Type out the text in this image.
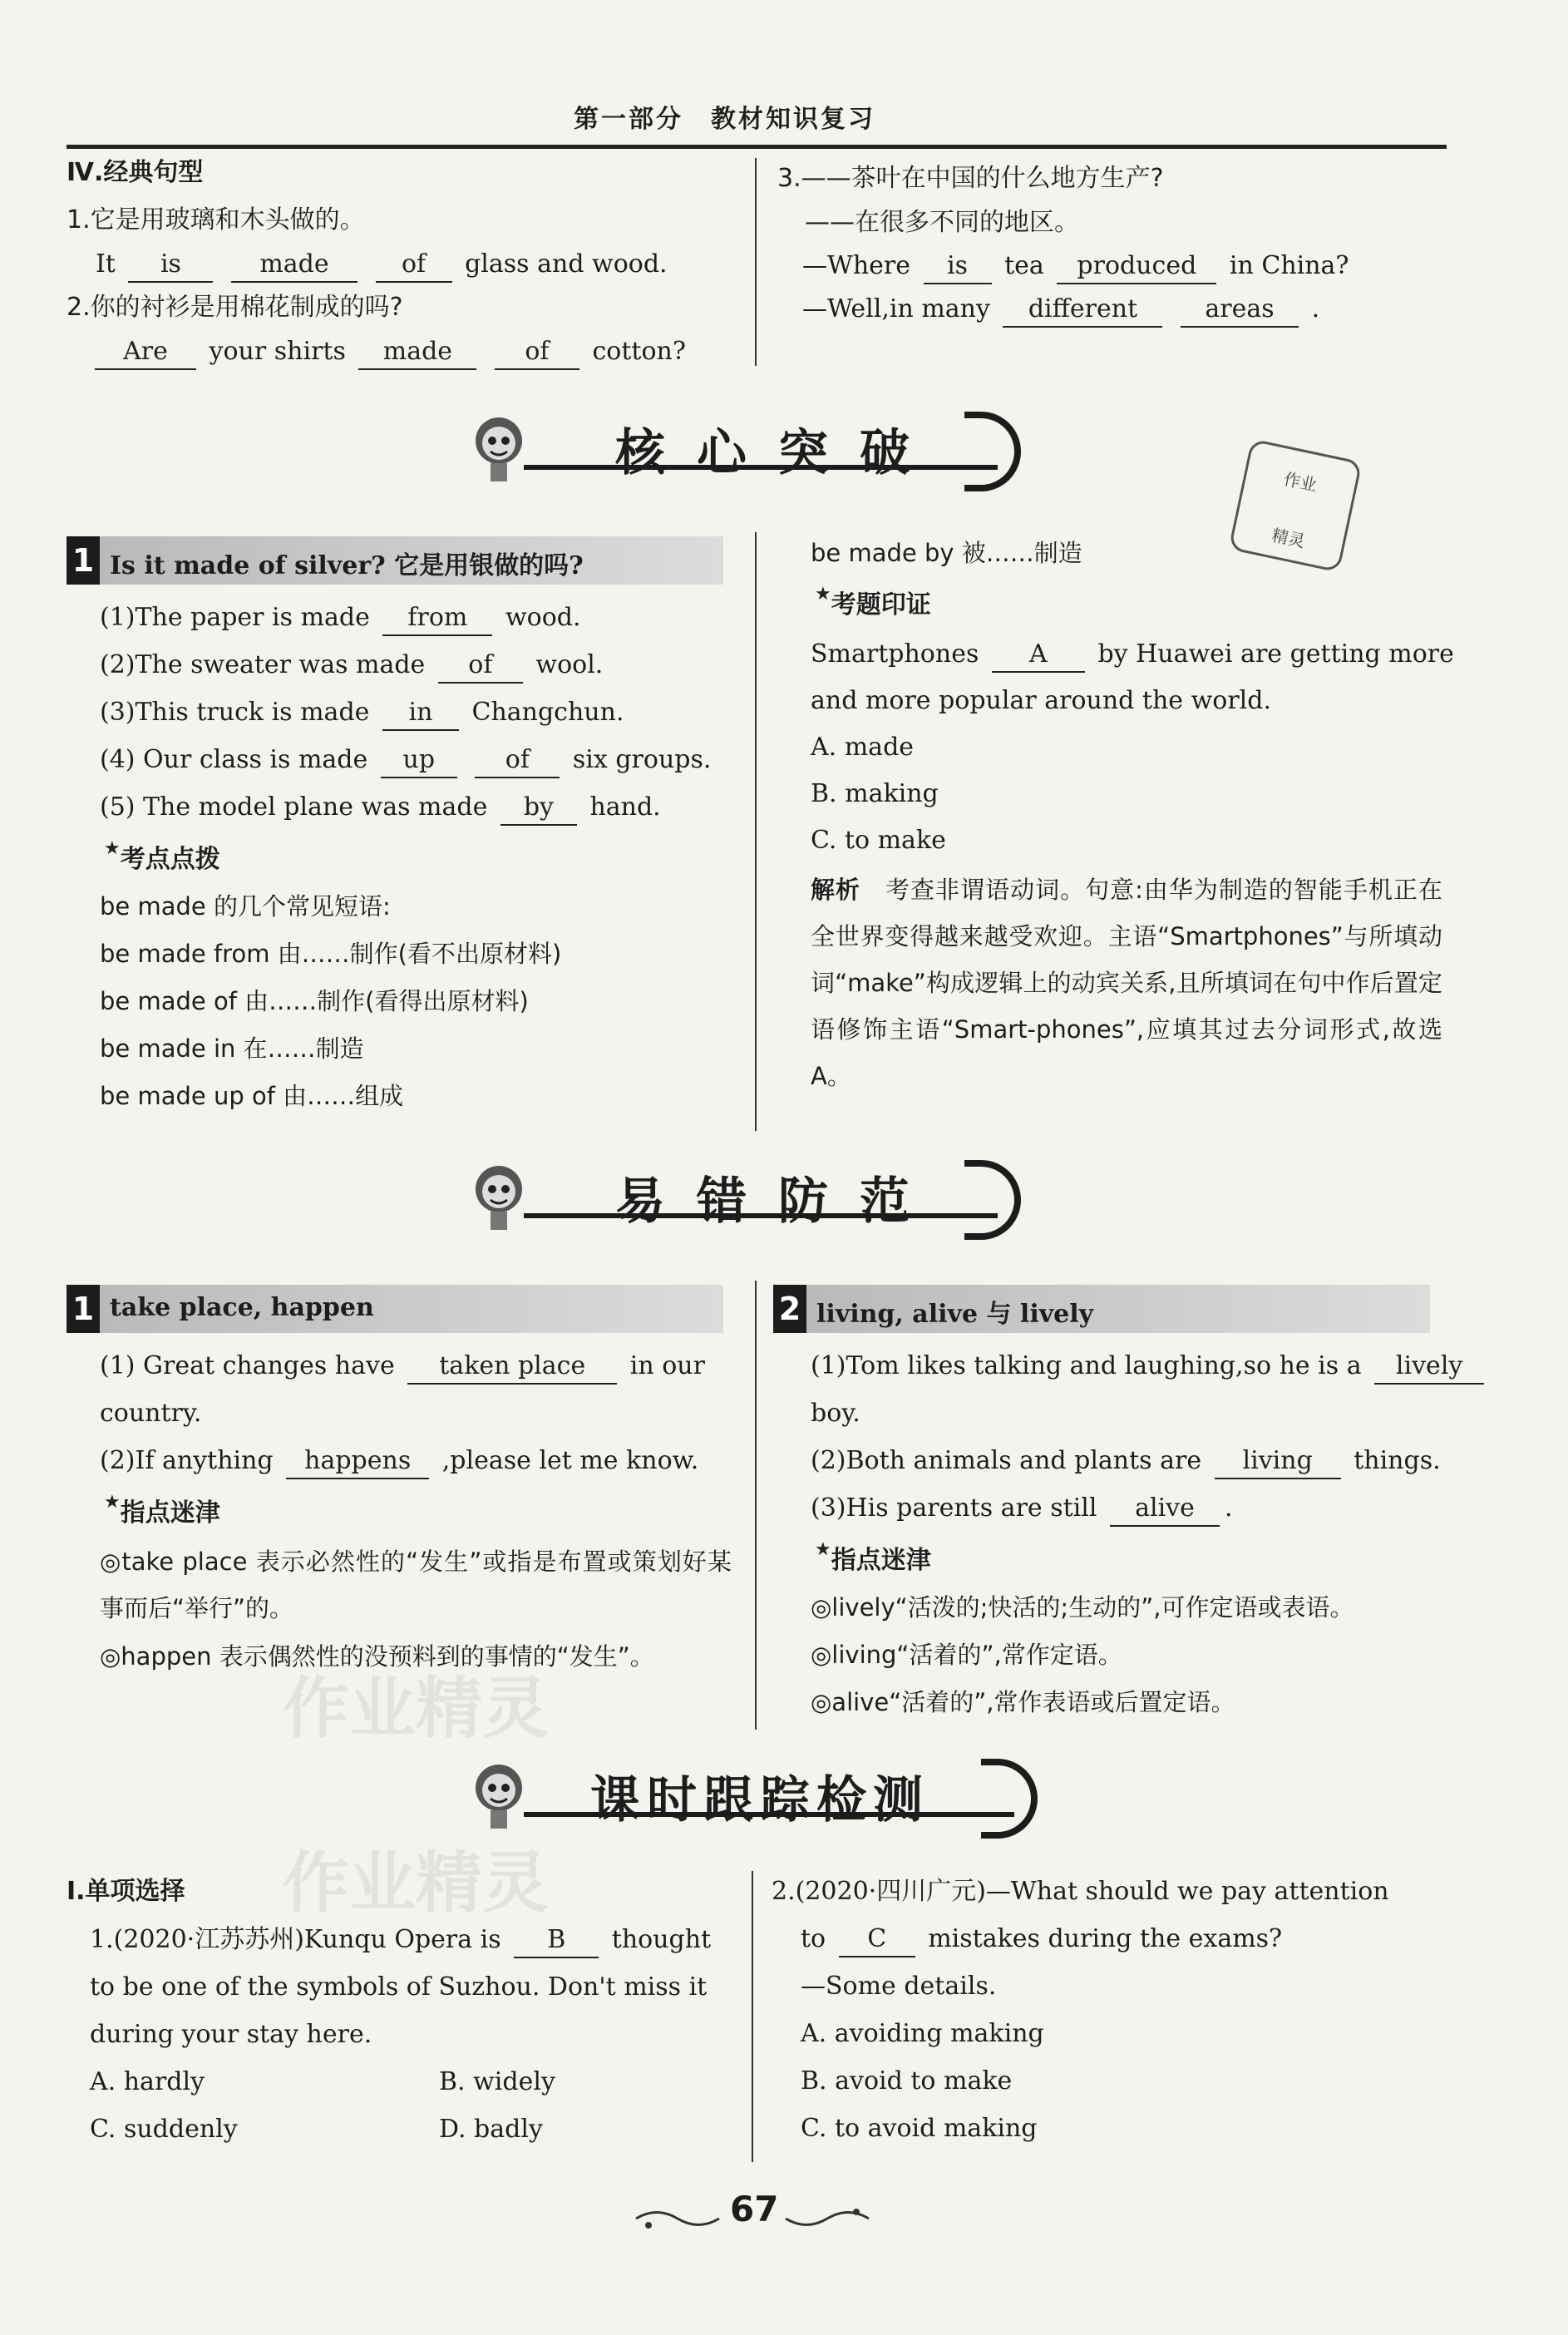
第一部分　教材知识复习
Ⅳ.经典句型
1.它是用玻璃和木头做的。
It is	made	of glass and wood.
2.你的衬衫是用棉花制成的吗?
Are your shirts made	of cotton?
3.——茶叶在中国的什么地方生产?
——在很多不同的地区。
—Where is tea produced in China?
—Well,in many different	areas .
核心突破	作业
精灵
1 Is it made of silver? 它是用银做的吗?
(1)The paper is made from wood.
(2)The sweater was made of wool.
(3)This truck is made in Changchun.
(4) Our class is made up	of six groups.
(5) The model plane was made by hand.
★考点点拨
be made 的几个常见短语:
be made from 由……制作(看不出原材料)
be made of 由……制作(看得出原材料)
be made in 在……制造
be made up of 由……组成
be made by 被……制造
★考题印证
Smartphones A by Huawei are getting more
and more popular around the world.
A. made
B. making
C. to make
解析　 考查非谓语动词。句意:由华为制造的智能手机正在全世界变得越来越受欢迎。主语“Smartphones”与所填动词“make”构成逻辑上的动宾关系,且所填词在句中作后置定语修饰主语“Smart-phones”,应填其过去分词形式,故选 A。
易错防范
1 take place, happen
(1) Great changes have taken place in our
country.
(2)If anything happens ,please let me know.
★指点迷津
◎take place 表示必然性的“发生”或指是布置或策划好某事而后“举行”的。
◎happen 表示偶然性的没预料到的事情的“发生”。
2 living, alive 与 lively
(1)Tom likes talking and laughing,so he is a lively
boy.
(2)Both animals and plants are living things.
(3)His parents are still alive .
★指点迷津
◎lively“活泼的;快活的;生动的”,可作定语或表语。
◎living“活着的”,常作定语。
◎alive“活着的”,常作表语或后置定语。
课时跟踪检测
Ⅰ.单项选择
1.(2020·江苏苏州)Kunqu Opera is B thought
to be one of the symbols of Suzhou. Don't miss it
during your stay here.
A. hardly	B. widely
C. suddenly	D. badly
2.(2020·四川广元)—What should we pay attention
to C mistakes during the exams?
—Some details.
A. avoiding making
B. avoid to make
C. to avoid making
作业精灵
作业精灵
67
